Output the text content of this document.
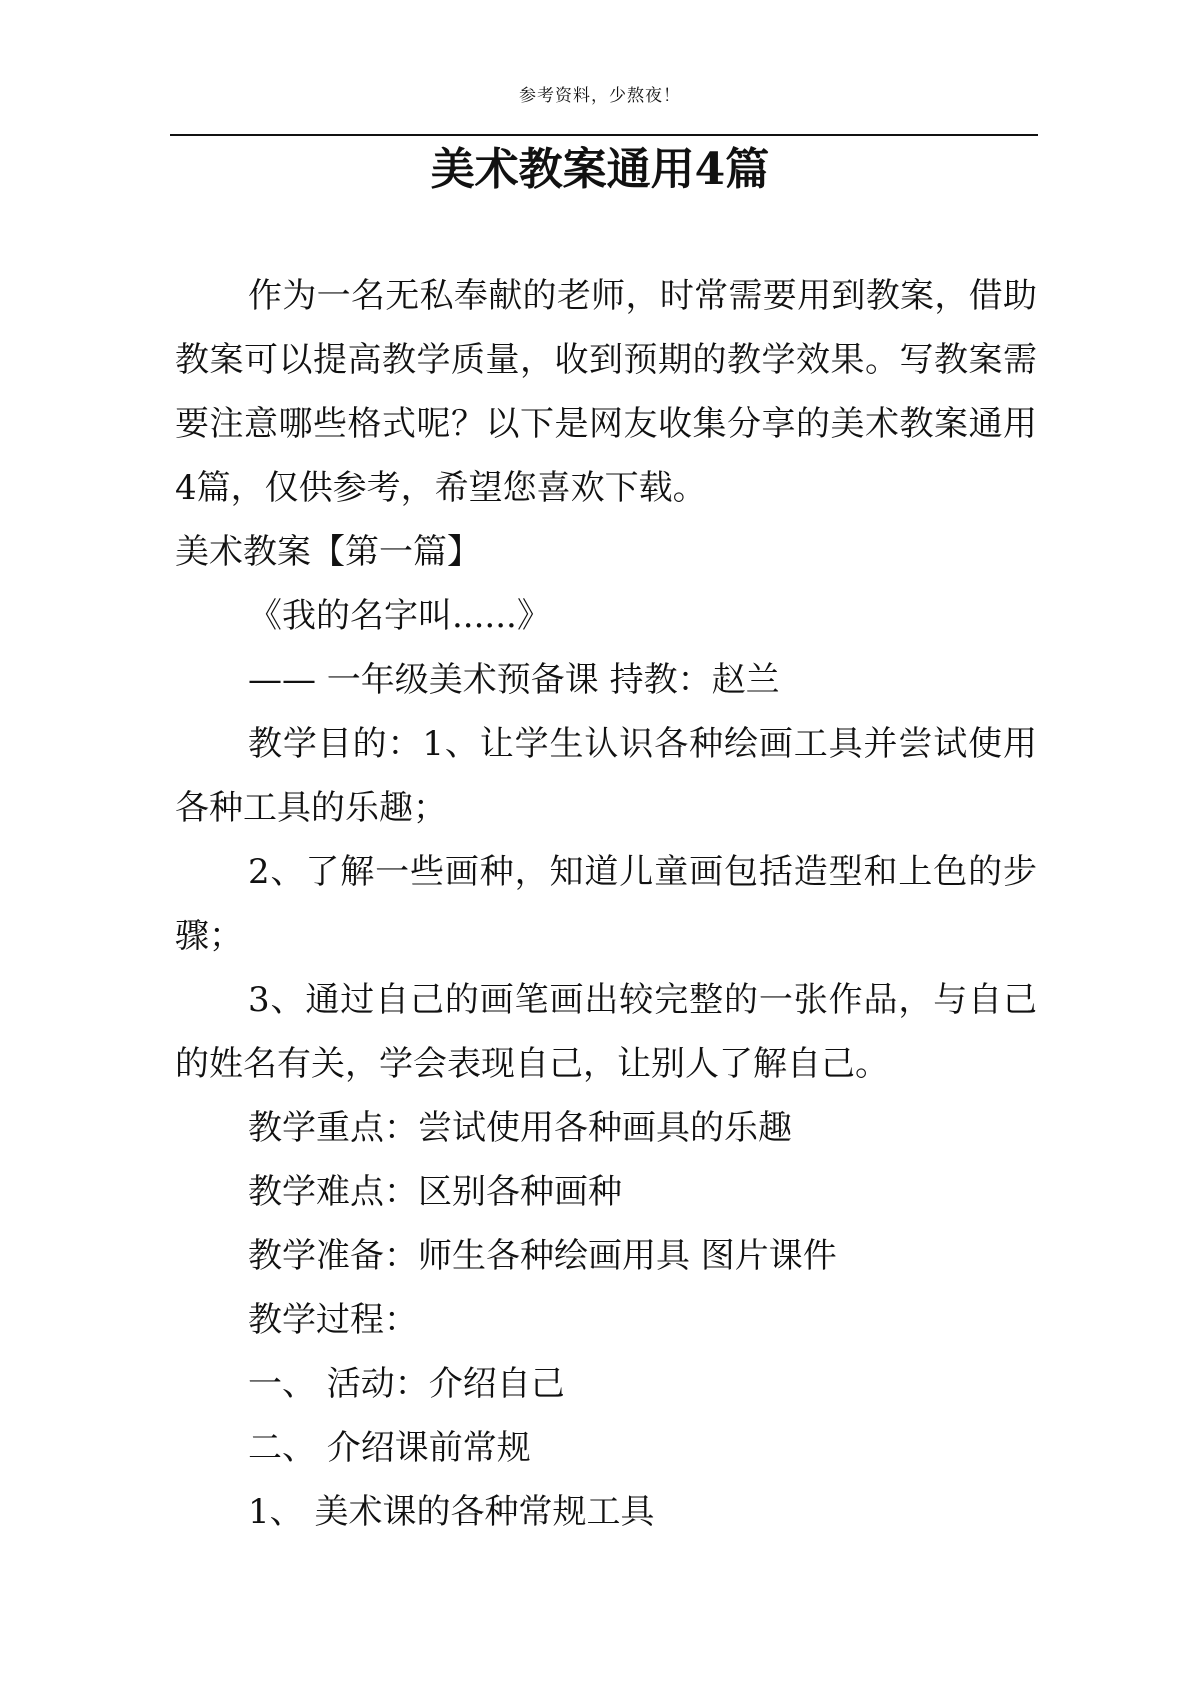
参考资料，少熬夜！
美术教案通用4篇

作为一名无私奉献的老师，时常需要用到教案，借助教案可以提高教学质量，收到预期的教学效果。写教案需要注意哪些格式呢？以下是网友收集分享的美术教案通用4篇，仅供参考，希望您喜欢下载。

美术教案【第一篇】

《我的名字叫......》

—— 一年级美术预备课 持教：赵兰

教学目的：1、让学生认识各种绘画工具并尝试使用各种工具的乐趣；

2、了解一些画种，知道儿童画包括造型和上色的步骤；

3、通过自己的画笔画出较完整的一张作品，与自己的姓名有关，学会表现自己，让别人了解自己。

教学重点：尝试使用各种画具的乐趣

教学难点：区别各种画种

教学准备：师生各种绘画用具 图片课件

教学过程：

一、 活动：介绍自己

二、 介绍课前常规

1、 美术课的各种常规工具
